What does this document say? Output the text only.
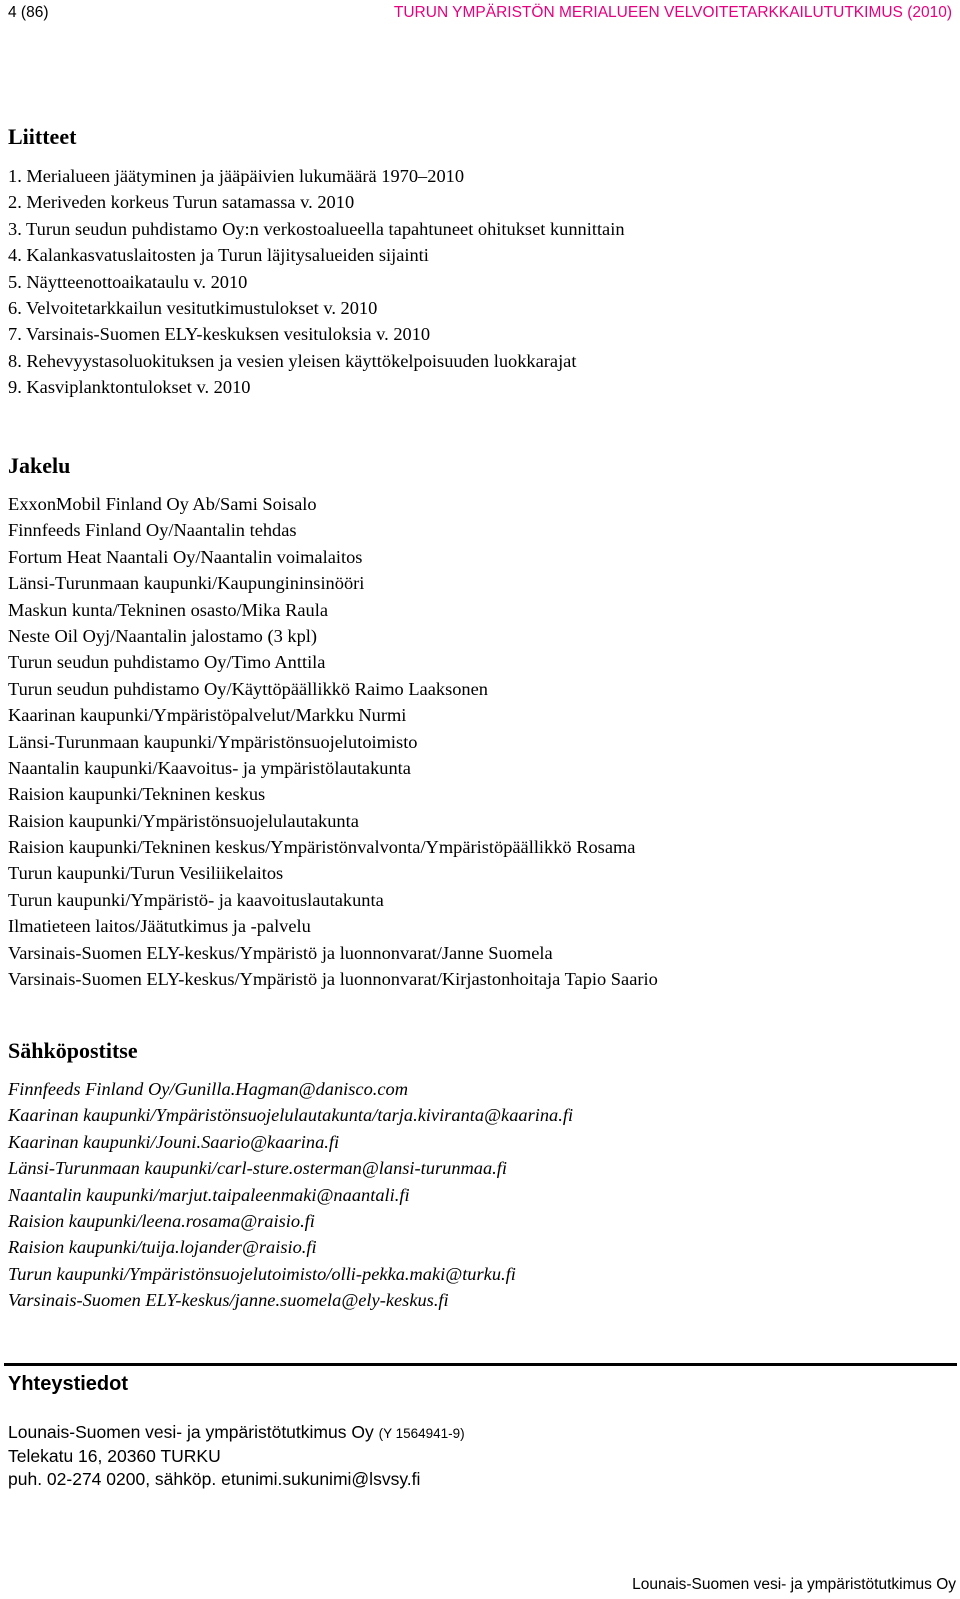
4 (86)	TURUN YMPÄRISTÖN MERIALUEEN VELVOITETARKKAILUTUTKIMUS (2010)
Liitteet
1. Merialueen jäätyminen ja jääpäivien lukumäärä 1970–2010
2. Meriveden korkeus Turun satamassa v. 2010
3. Turun seudun puhdistamo Oy:n verkostoalueella tapahtuneet ohitukset kunnittain
4. Kalankasvatuslaitosten ja Turun läjitysalueiden sijainti
5. Näytteenottoaikataulu v. 2010
6. Velvoitetarkkailun vesitutkimustulokset v. 2010
7. Varsinais-Suomen ELY-keskuksen vesituloksia v. 2010
8. Rehevyystasoluokituksen ja vesien yleisen käyttökelpoisuuden luokkarajat
9. Kasviplanktontulokset v. 2010
Jakelu
ExxonMobil Finland Oy Ab/Sami Soisalo
Finnfeeds Finland Oy/Naantalin tehdas
Fortum Heat Naantali Oy/Naantalin voimalaitos
Länsi-Turunmaan kaupunki/Kaupungininsinööri
Maskun kunta/Tekninen osasto/Mika Raula
Neste Oil Oyj/Naantalin jalostamo (3 kpl)
Turun seudun puhdistamo Oy/Timo Anttila
Turun seudun puhdistamo Oy/Käyttöpäällikkö Raimo Laaksonen
Kaarinan kaupunki/Ympäristöpalvelut/Markku Nurmi
Länsi-Turunmaan kaupunki/Ympäristönsuojelutoimisto
Naantalin kaupunki/Kaavoitus- ja ympäristölautakunta
Raision kaupunki/Tekninen keskus
Raision kaupunki/Ympäristönsuojelulautakunta
Raision kaupunki/Tekninen keskus/Ympäristönvalvonta/Ympäristöpäällikkö Rosama
Turun kaupunki/Turun Vesiliikelaitos
Turun kaupunki/Ympäristö- ja kaavoituslautakunta
Ilmatieteen laitos/Jäätutkimus ja -palvelu
Varsinais-Suomen ELY-keskus/Ympäristö ja luonnonvarat/Janne Suomela
Varsinais-Suomen ELY-keskus/Ympäristö ja luonnonvarat/Kirjastonhoitaja Tapio Saario
Sähköpostitse
Finnfeeds Finland Oy/Gunilla.Hagman@danisco.com
Kaarinan kaupunki/Ympäristönsuojelulautakunta/tarja.kiviranta@kaarina.fi
Kaarinan kaupunki/Jouni.Saario@kaarina.fi
Länsi-Turunmaan kaupunki/carl-sture.osterman@lansi-turunmaa.fi
Naantalin kaupunki/marjut.taipaleenmaki@naantali.fi
Raision kaupunki/leena.rosama@raisio.fi
Raision kaupunki/tuija.lojander@raisio.fi
Turun kaupunki/Ympäristönsuojelutoimisto/olli-pekka.maki@turku.fi
Varsinais-Suomen ELY-keskus/janne.suomela@ely-keskus.fi
Yhteystiedot
Lounais-Suomen vesi- ja ympäristötutkimus Oy (Y 1564941-9)
Telekatu 16, 20360 TURKU
puh. 02-274 0200, sähköp. etunimi.sukunimi@lsvsy.fi
Lounais-Suomen vesi- ja ympäristötutkimus Oy
